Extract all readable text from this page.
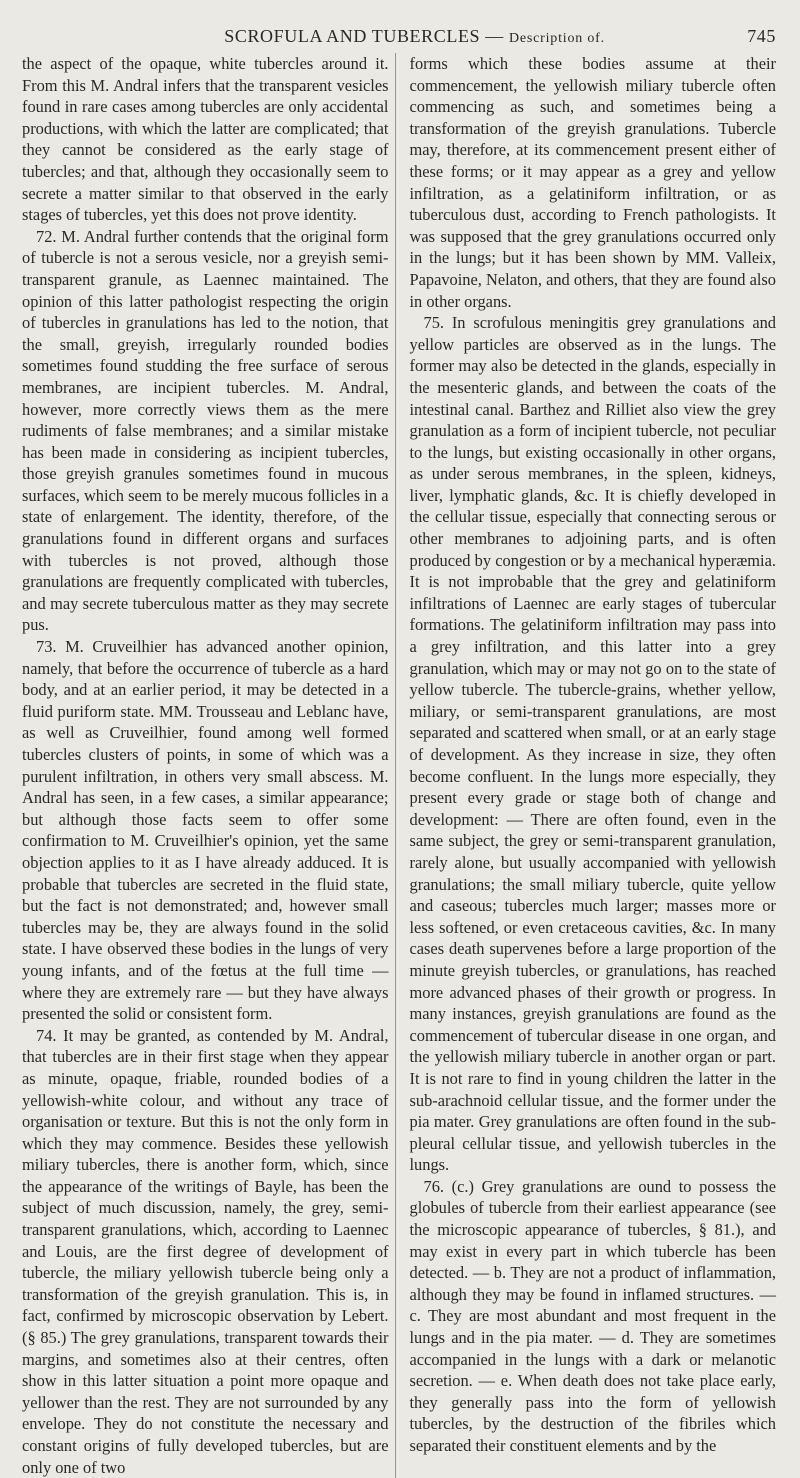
SCROFULA AND TUBERCLES — Description of.	745

the aspect of the opaque, white tubercles around it. From this M. Andral infers that the transparent vesicles found in rare cases among tubercles are only accidental productions, with which the latter are complicated; that they cannot be considered as the early stage of tubercles; and that, although they occasionally seem to secrete a matter similar to that observed in the early stages of tubercles, yet this does not prove identity.

72. M. Andral further contends that the original form of tubercle is not a serous vesicle, nor a greyish semi-transparent granule, as Laennec maintained. The opinion of this latter pathologist respecting the origin of tubercles in granulations has led to the notion, that the small, greyish, irregularly rounded bodies sometimes found studding the free surface of serous membranes, are incipient tubercles. M. Andral, however, more correctly views them as the mere rudiments of false membranes; and a similar mistake has been made in considering as incipient tubercles, those greyish granules sometimes found in mucous surfaces, which seem to be merely mucous follicles in a state of enlargement. The identity, therefore, of the granulations found in different organs and surfaces with tubercles is not proved, although those granulations are frequently complicated with tubercles, and may secrete tuberculous matter as they may secrete pus.

73. M. Cruveilhier has advanced another opinion, namely, that before the occurrence of tubercle as a hard body, and at an earlier period, it may be detected in a fluid puriform state. MM. Trousseau and Leblanc have, as well as Cruveilhier, found among well formed tubercles clusters of points, in some of which was a purulent infiltration, in others very small abscess. M. Andral has seen, in a few cases, a similar appearance; but although those facts seem to offer some confirmation to M. Cruveilhier's opinion, yet the same objection applies to it as I have already adduced. It is probable that tubercles are secreted in the fluid state, but the fact is not demonstrated; and, however small tubercles may be, they are always found in the solid state. I have observed these bodies in the lungs of very young infants, and of the fœtus at the full time — where they are extremely rare — but they have always presented the solid or consistent form.

74. It may be granted, as contended by M. Andral, that tubercles are in their first stage when they appear as minute, opaque, friable, rounded bodies of a yellowish-white colour, and without any trace of organisation or texture. But this is not the only form in which they may commence. Besides these yellowish miliary tubercles, there is another form, which, since the appearance of the writings of Bayle, has been the subject of much discussion, namely, the grey, semi-transparent granulations, which, according to Laennec and Louis, are the first degree of development of tubercle, the miliary yellowish tubercle being only a transformation of the greyish granulation. This is, in fact, confirmed by microscopic observation by Lebert. (§ 85.) The grey granulations, transparent towards their margins, and sometimes also at their centres, often show in this latter situation a point more opaque and yellower than the rest. They are not surrounded by any envelope. They do not constitute the necessary and constant origins of fully developed tubercles, but are only one of two

forms which these bodies assume at their commencement, the yellowish miliary tubercle often commencing as such, and sometimes being a transformation of the greyish granulations. Tubercle may, therefore, at its commencement present either of these forms; or it may appear as a grey and yellow infiltration, as a gelatiniform infiltration, or as tuberculous dust, according to French pathologists. It was supposed that the grey granulations occurred only in the lungs; but it has been shown by MM. Valleix, Papavoine, Nelaton, and others, that they are found also in other organs.

75. In scrofulous meningitis grey granulations and yellow particles are observed as in the lungs. The former may also be detected in the glands, especially in the mesenteric glands, and between the coats of the intestinal canal. Barthez and Rilliet also view the grey granulation as a form of incipient tubercle, not peculiar to the lungs, but existing occasionally in other organs, as under serous membranes, in the spleen, kidneys, liver, lymphatic glands, &c. It is chiefly developed in the cellular tissue, especially that connecting serous or other membranes to adjoining parts, and is often produced by congestion or by a mechanical hyperæmia. It is not improbable that the grey and gelatiniform infiltrations of Laennec are early stages of tubercular formations. The gelatiniform infiltration may pass into a grey infiltration, and this latter into a grey granulation, which may or may not go on to the state of yellow tubercle. The tubercle-grains, whether yellow, miliary, or semi-transparent granulations, are most separated and scattered when small, or at an early stage of development. As they increase in size, they often become confluent. In the lungs more especially, they present every grade or stage both of change and development: — There are often found, even in the same subject, the grey or semi-transparent granulation, rarely alone, but usually accompanied with yellowish granulations; the small miliary tubercle, quite yellow and caseous; tubercles much larger; masses more or less softened, or even cretaceous cavities, &c. In many cases death supervenes before a large proportion of the minute greyish tubercles, or granulations, has reached more advanced phases of their growth or progress. In many instances, greyish granulations are found as the commencement of tubercular disease in one organ, and the yellowish miliary tubercle in another organ or part. It is not rare to find in young children the latter in the sub-arachnoid cellular tissue, and the former under the pia mater. Grey granulations are often found in the sub-pleural cellular tissue, and yellowish tubercles in the lungs.

76. (c.) Grey granulations are ound to possess the globules of tubercle from their earliest appearance (see the microscopic appearance of tubercles, § 81.), and may exist in every part in which tubercle has been detected. — b. They are not a product of inflammation, although they may be found in inflamed structures. — c. They are most abundant and most frequent in the lungs and in the pia mater. — d. They are sometimes accompanied in the lungs with a dark or melanotic secretion. — e. When death does not take place early, they generally pass into the form of yellowish tubercles, by the destruction of the fibriles which separated their constituent elements and by the
